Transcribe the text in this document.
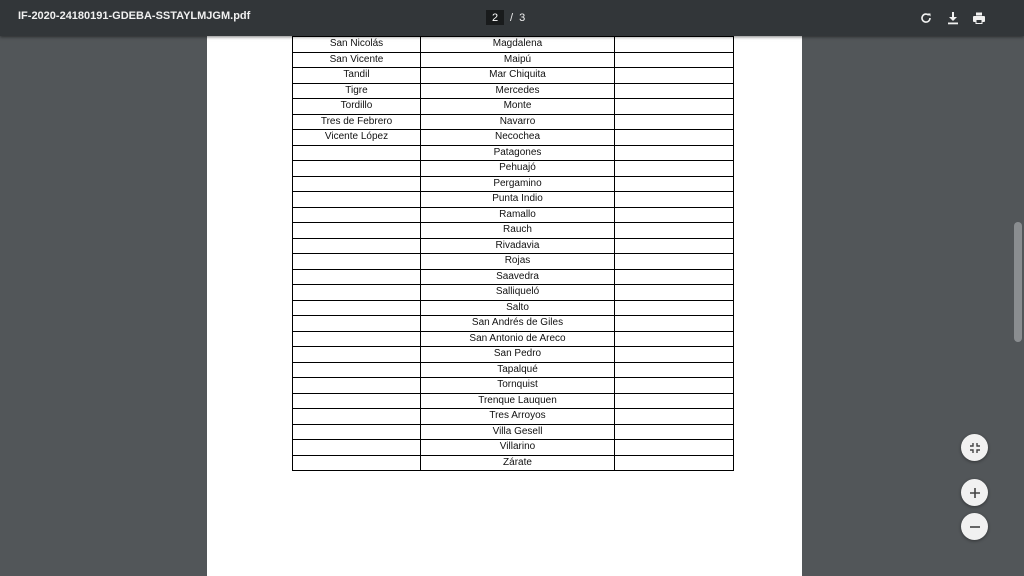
IF-2020-24180191-GDEBA-SSTAYLMJGM.pdf
2	/ 3
San Nicolás	Magdalena	
San Vicente	Maipú	
Tandil	Mar Chiquita	
Tigre	Mercedes	
Tordillo	Monte	
Tres de Febrero	Navarro	
Vicente López	Necochea	
	Patagones	
	Pehuajó	
	Pergamino	
	Punta Indio	
	Ramallo	
	Rauch	
	Rivadavia	
	Rojas	
	Saavedra	
	Salliqueló	
	Salto	
	San Andrés de Giles	
	San Antonio de Areco	
	San Pedro	
	Tapalqué	
	Tornquist	
	Trenque Lauquen	
	Tres Arroyos	
	Villa Gesell	
	Villarino	
	Zárate	
